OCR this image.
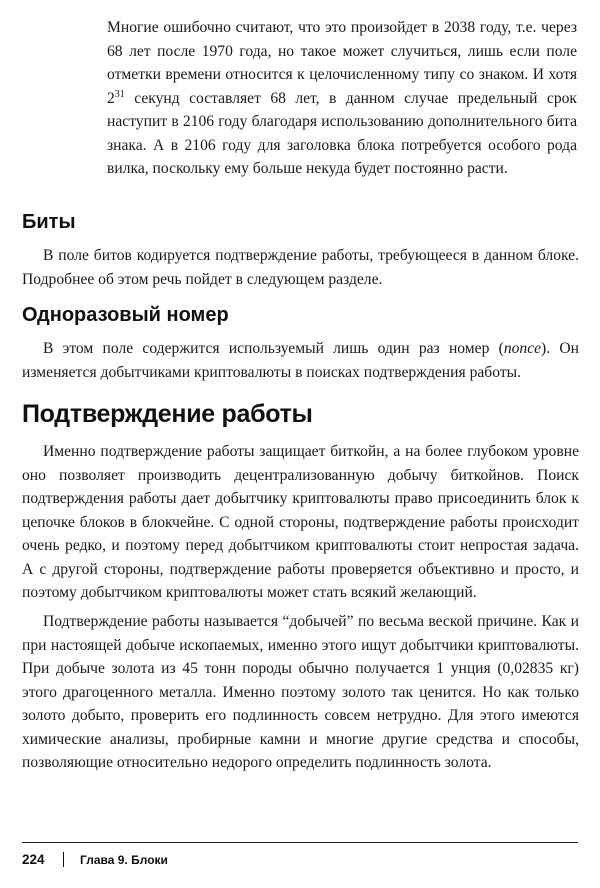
Многие ошибочно считают, что это произойдет в 2038 году, т.е. через 68 лет после 1970 года, но такое может случиться, лишь если поле отметки времени относится к целочисленному типу со знаком. И хотя $2^{31}$ секунд составляет 68 лет, в данном случае предельный срок наступит в 2106 году благодаря использованию дополнительного бита знака. А в 2106 году для заголовка блока потребуется особого рода вилка, поскольку ему больше некуда будет постоянно расти.
Биты

В поле битов кодируется подтверждение работы, требующееся в данном блоке. Подробнее об этом речь пойдет в следующем разделе.

Одноразовый номер

В этом поле содержится используемый лишь один раз номер (nonce). Он изменяется добытчиками криптовалюты в поисках подтверждения работы.

Подтверждение работы

Именно подтверждение работы защищает биткойн, а на более глубоком уровне оно позволяет производить децентрализованную добычу биткойнов. Поиск подтверждения работы дает добытчику криптовалюты право присоединить блок к цепочке блоков в блокчейне. С одной стороны, подтверждение работы происходит очень редко, и поэтому перед добытчиком криптовалюты стоит непростая задача. А с другой стороны, подтверждение работы проверяется объективно и просто, и поэтому добытчиком криптовалюты может стать всякий желающий.

Подтверждение работы называется “добычей” по весьма веской причине. Как и при настоящей добыче ископаемых, именно этого ищут добытчики криптовалюты. При добыче золота из 45 тонн породы обычно получается 1 унция (0,02835 кг) этого драгоценного металла. Именно поэтому золото так ценится. Но как только золото добыто, проверить его подлинность совсем нетрудно. Для этого имеются химические анализы, пробирные камни и многие другие средства и способы, позволяющие относительно недорого определить подлинность золота.

224	Глава 9. Блоки
